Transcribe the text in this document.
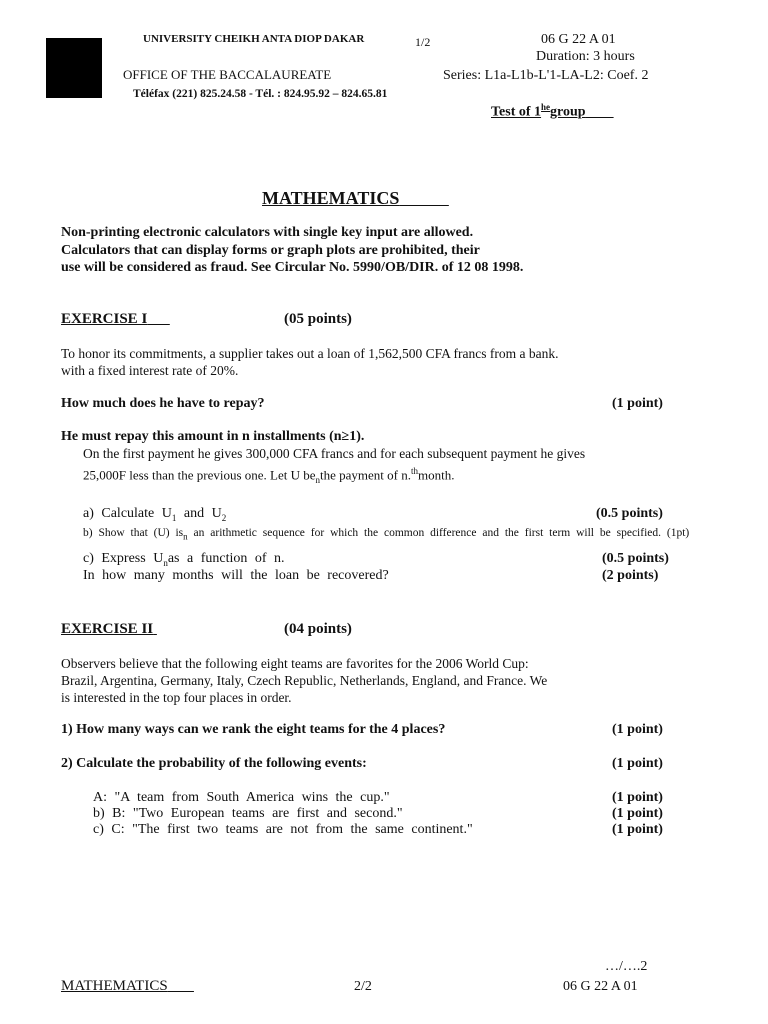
UNIVERSITY CHEIKH ANTA DIOP DAKAR
OFFICE OF THE BACCALAUREATE
Téléfax (221) 825.24.58 - Tél. : 824.95.92 – 824.65.81
1/2	06 G 22 A 01
Duration: 3 hours
Series: L1a-L1b-L'1-LA-L2: Coef. 2
Test of $1^{he}group$
MATHEMATICS
Non-printing electronic calculators with single key input are allowed.
Calculators that can display forms or graph plots are prohibited, their
use will be considered as fraud. See Circular No. 5990/OB/DIR. of 12 08 1998.
EXERCISE I	(05 points)
To honor its commitments, a supplier takes out a loan of 1,562,500 CFA francs from a bank.
with a fixed interest rate of 20%.
How much does he have to repay?	(1 point)
He must repay this amount in n installments (n≥1).
On the first payment he gives 300,000 CFA francs and for each subsequent payment he gives
25,000F less than the previous one. Let U $be_nthe$ payment of n.$^{th}$month.
a) Calculate $U_1$ and $U_2$	(0.5 points)
b) Show that (U) $is_n$ an arithmetic sequence for which the common difference and the first term will be specified. (1pt)
c) Express $U_nas$ a function of n.	(0.5 points)
In how many months will the loan be recovered?	(2 points)
EXERCISE II	(04 points)
Observers believe that the following eight teams are favorites for the 2006 World Cup:
Brazil, Argentina, Germany, Italy, Czech Republic, Netherlands, England, and France. We
is interested in the top four places in order.
1) How many ways can we rank the eight teams for the 4 places?	(1 point)
2) Calculate the probability of the following events:	(1 point)
A: "A team from South America wins the cup."	(1 point)
b) B: "Two European teams are first and second."	(1 point)
c) C: "The first two teams are not from the same continent."	(1 point)
…/….2
MATHEMATICS	2/2	06 G 22 A 01
